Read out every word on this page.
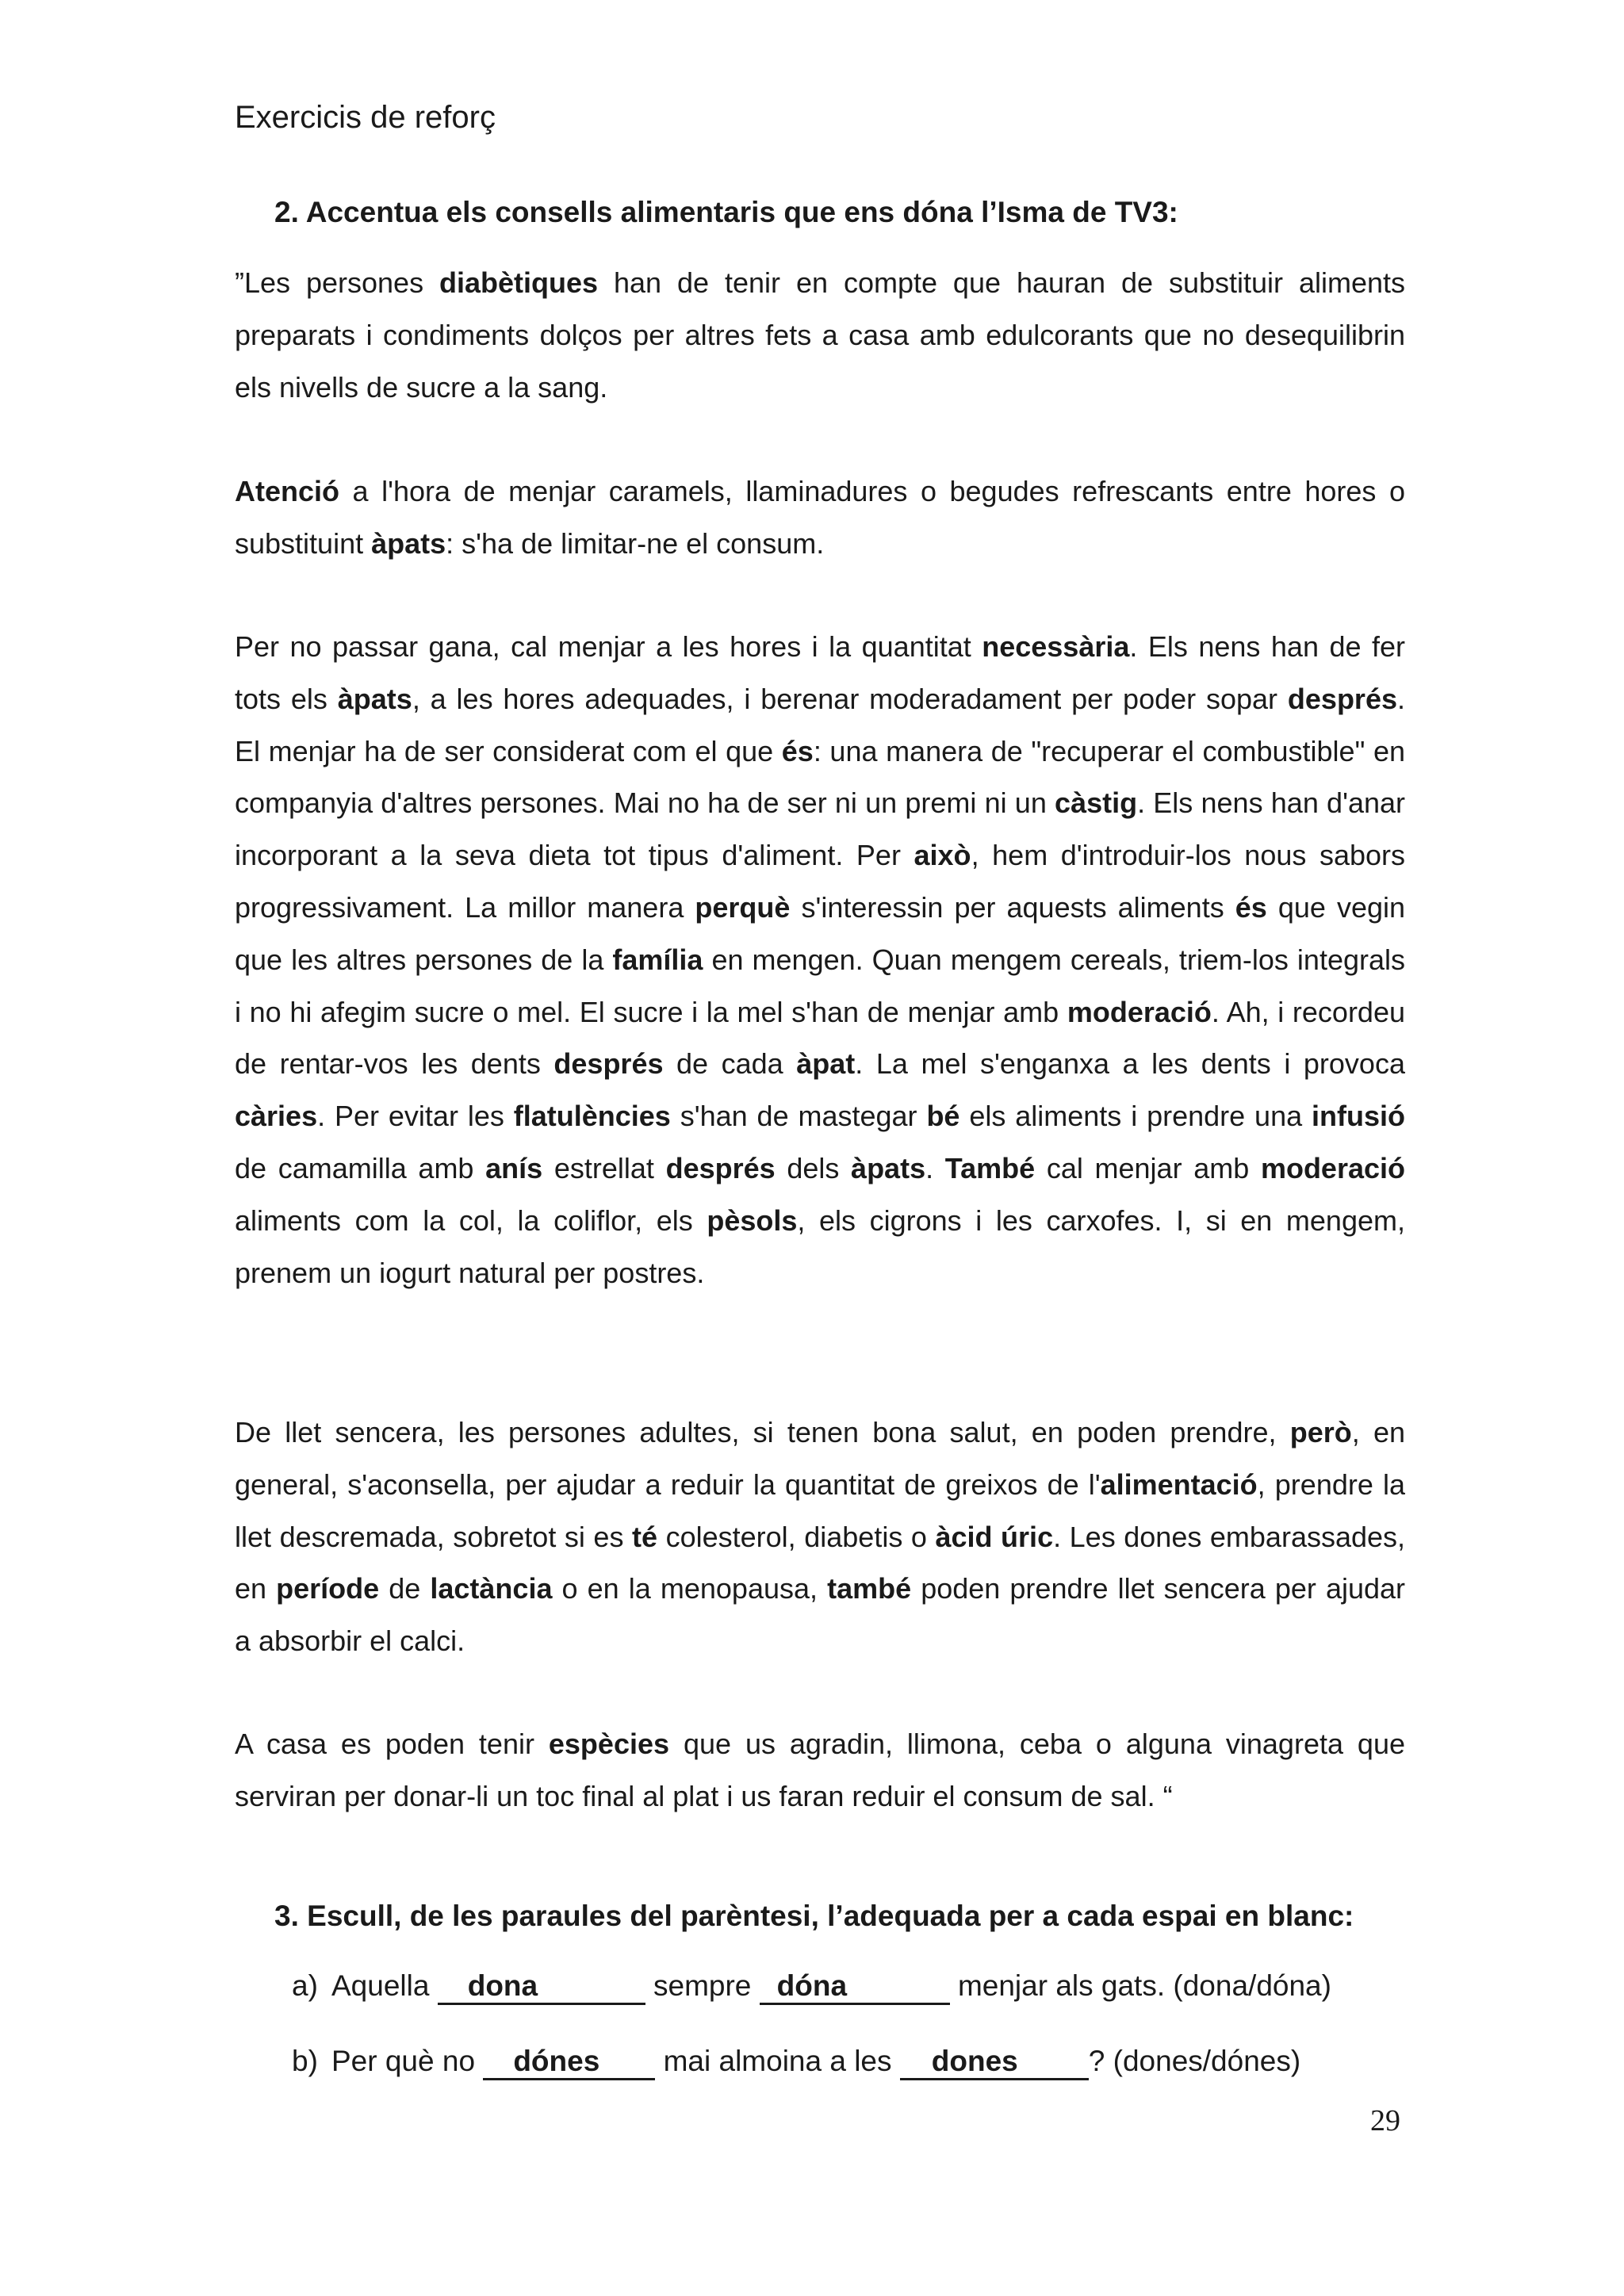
Exercicis de reforç
2. Accentua els consells alimentaris que ens dóna l’Isma de TV3:
”Les persones diabètiques han de tenir en compte que hauran de substituir aliments preparats i condiments dolços per altres fets a casa amb edulcorants que no desequilibrin els nivells de sucre a la sang.
Atenció a l'hora de menjar caramels, llaminadures o begudes refrescants entre hores o substituint àpats: s'ha de limitar-ne el consum.
Per no passar gana, cal menjar a les hores i la quantitat necessària. Els nens han de fer tots els àpats, a les hores adequades, i berenar moderadament per poder sopar després. El menjar ha de ser considerat com el que és: una manera de "recuperar el combustible" en companyia d'altres persones. Mai no ha de ser ni un premi ni un càstig. Els nens han d'anar incorporant a la seva dieta tot tipus d'aliment. Per això, hem d'introduir-los nous sabors progressivament. La millor manera perquè s'interessin per aquests aliments és que vegin que les altres persones de la família en mengen. Quan mengem cereals, triem-los integrals i no hi afegim sucre o mel. El sucre i la mel s'han de menjar amb moderació. Ah, i recordeu de rentar-vos les dents després de cada àpat. La mel s'enganxa a les dents i provoca càries. Per evitar les flatulències s'han de mastegar bé els aliments i prendre una infusió de camamilla amb anís estrellat després dels àpats. També cal menjar amb moderació aliments com la col, la coliflor, els pèsols, els cigrons i les carxofes. I, si en mengem, prenem un iogurt natural per postres.
De llet sencera, les persones adultes, si tenen bona salut, en poden prendre, però, en general, s'aconsella, per ajudar a reduir la quantitat de greixos de l'alimentació, prendre la llet descremada, sobretot si es té colesterol, diabetis o àcid úric. Les dones embarassades, en període de lactància o en la menopausa, també poden prendre llet sencera per ajudar a absorbir el calci.
A casa es poden tenir espècies que us agradin, llimona, ceba o alguna vinagreta que serviran per donar-li un toc final al plat i us faran reduir el consum de sal. “
3. Escull, de les paraules del parèntesi, l’adequada per a cada espai en blanc:
a) Aquella dona	sempre dóna	menjar als gats. (dona/dóna)
b) Per què no dónes mai almoina a les dones ? (dones/dónes)
29
